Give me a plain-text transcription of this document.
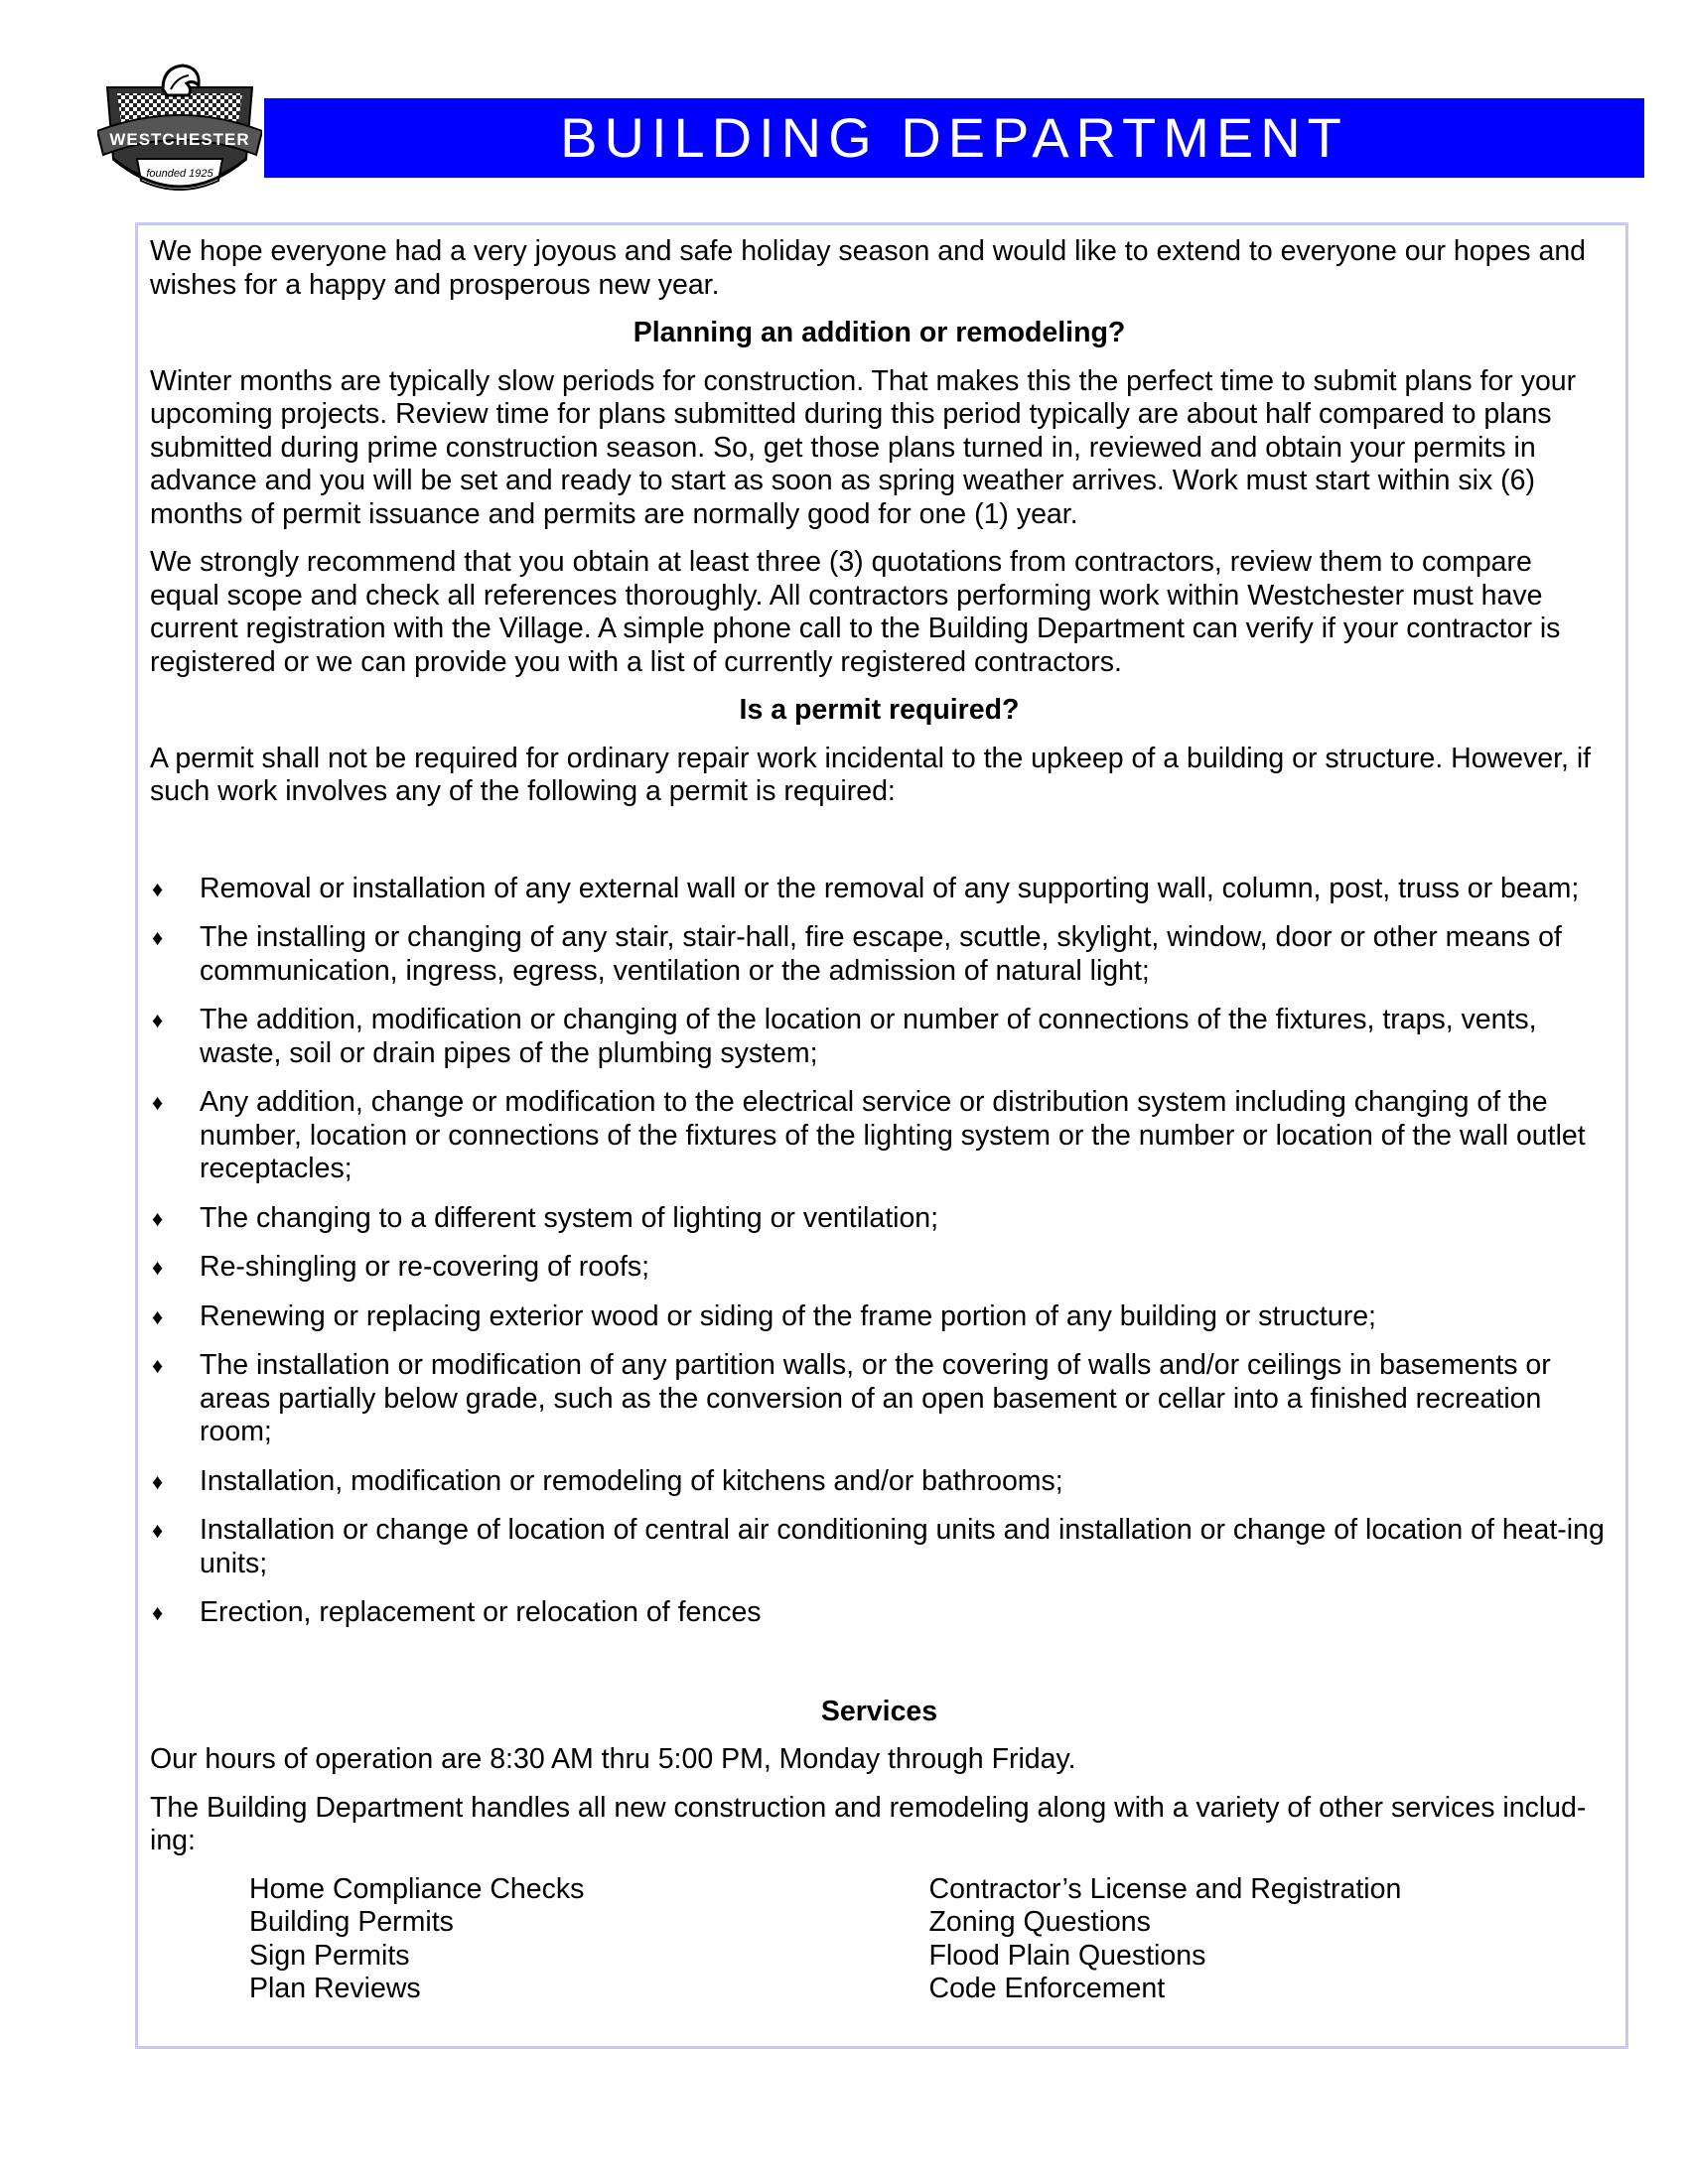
WESTCHESTER
founded 1925
BUILDING DEPARTMENT

We hope everyone had a very joyous and safe holiday season and would like to extend to everyone our hopes and wishes for a happy and prosperous new year.

Planning an addition or remodeling?

Winter months are typically slow periods for construction. That makes this the perfect time to submit plans for your upcoming projects. Review time for plans submitted during this period typically are about half compared to plans submitted during prime construction season. So, get those plans turned in, reviewed and obtain your permits in advance and you will be set and ready to start as soon as spring weather arrives. Work must start within six (6) months of permit issuance and permits are normally good for one (1) year.

We strongly recommend that you obtain at least three (3) quotations from contractors, review them to compare equal scope and check all references thoroughly. All contractors performing work within Westchester must have current registration with the Village. A simple phone call to the Building Department can verify if your contractor is registered or we can provide you with a list of currently registered contractors.

Is a permit required?

A permit shall not be required for ordinary repair work incidental to the upkeep of a building or structure. However, if such work involves any of the following a permit is required:

♦ Removal or installation of any external wall or the removal of any supporting wall, column, post, truss or beam;
♦ The installing or changing of any stair, stair-hall, fire escape, scuttle, skylight, window, door or other means of communication, ingress, egress, ventilation or the admission of natural light;
♦ The addition, modification or changing of the location or number of connections of the fixtures, traps, vents, waste, soil or drain pipes of the plumbing system;
♦ Any addition, change or modification to the electrical service or distribution system including changing of the number, location or connections of the fixtures of the lighting system or the number or location of the wall outlet receptacles;
♦ The changing to a different system of lighting or ventilation;
♦ Re-shingling or re-covering of roofs;
♦ Renewing or replacing exterior wood or siding of the frame portion of any building or structure;
♦ The installation or modification of any partition walls, or the covering of walls and/or ceilings in basements or areas partially below grade, such as the conversion of an open basement or cellar into a finished recreation room;
♦ Installation, modification or remodeling of kitchens and/or bathrooms;
♦ Installation or change of location of central air conditioning units and installation or change of location of heat-ing units;
♦ Erection, replacement or relocation of fences
Services

Our hours of operation are 8:30 AM thru 5:00 PM, Monday through Friday.

The Building Department handles all new construction and remodeling along with a variety of other services includ-ing:

Home Compliance Checks
Building Permits
Sign Permits
Plan Reviews
Contractor’s License and Registration
Zoning Questions
Flood Plain Questions
Code Enforcement
